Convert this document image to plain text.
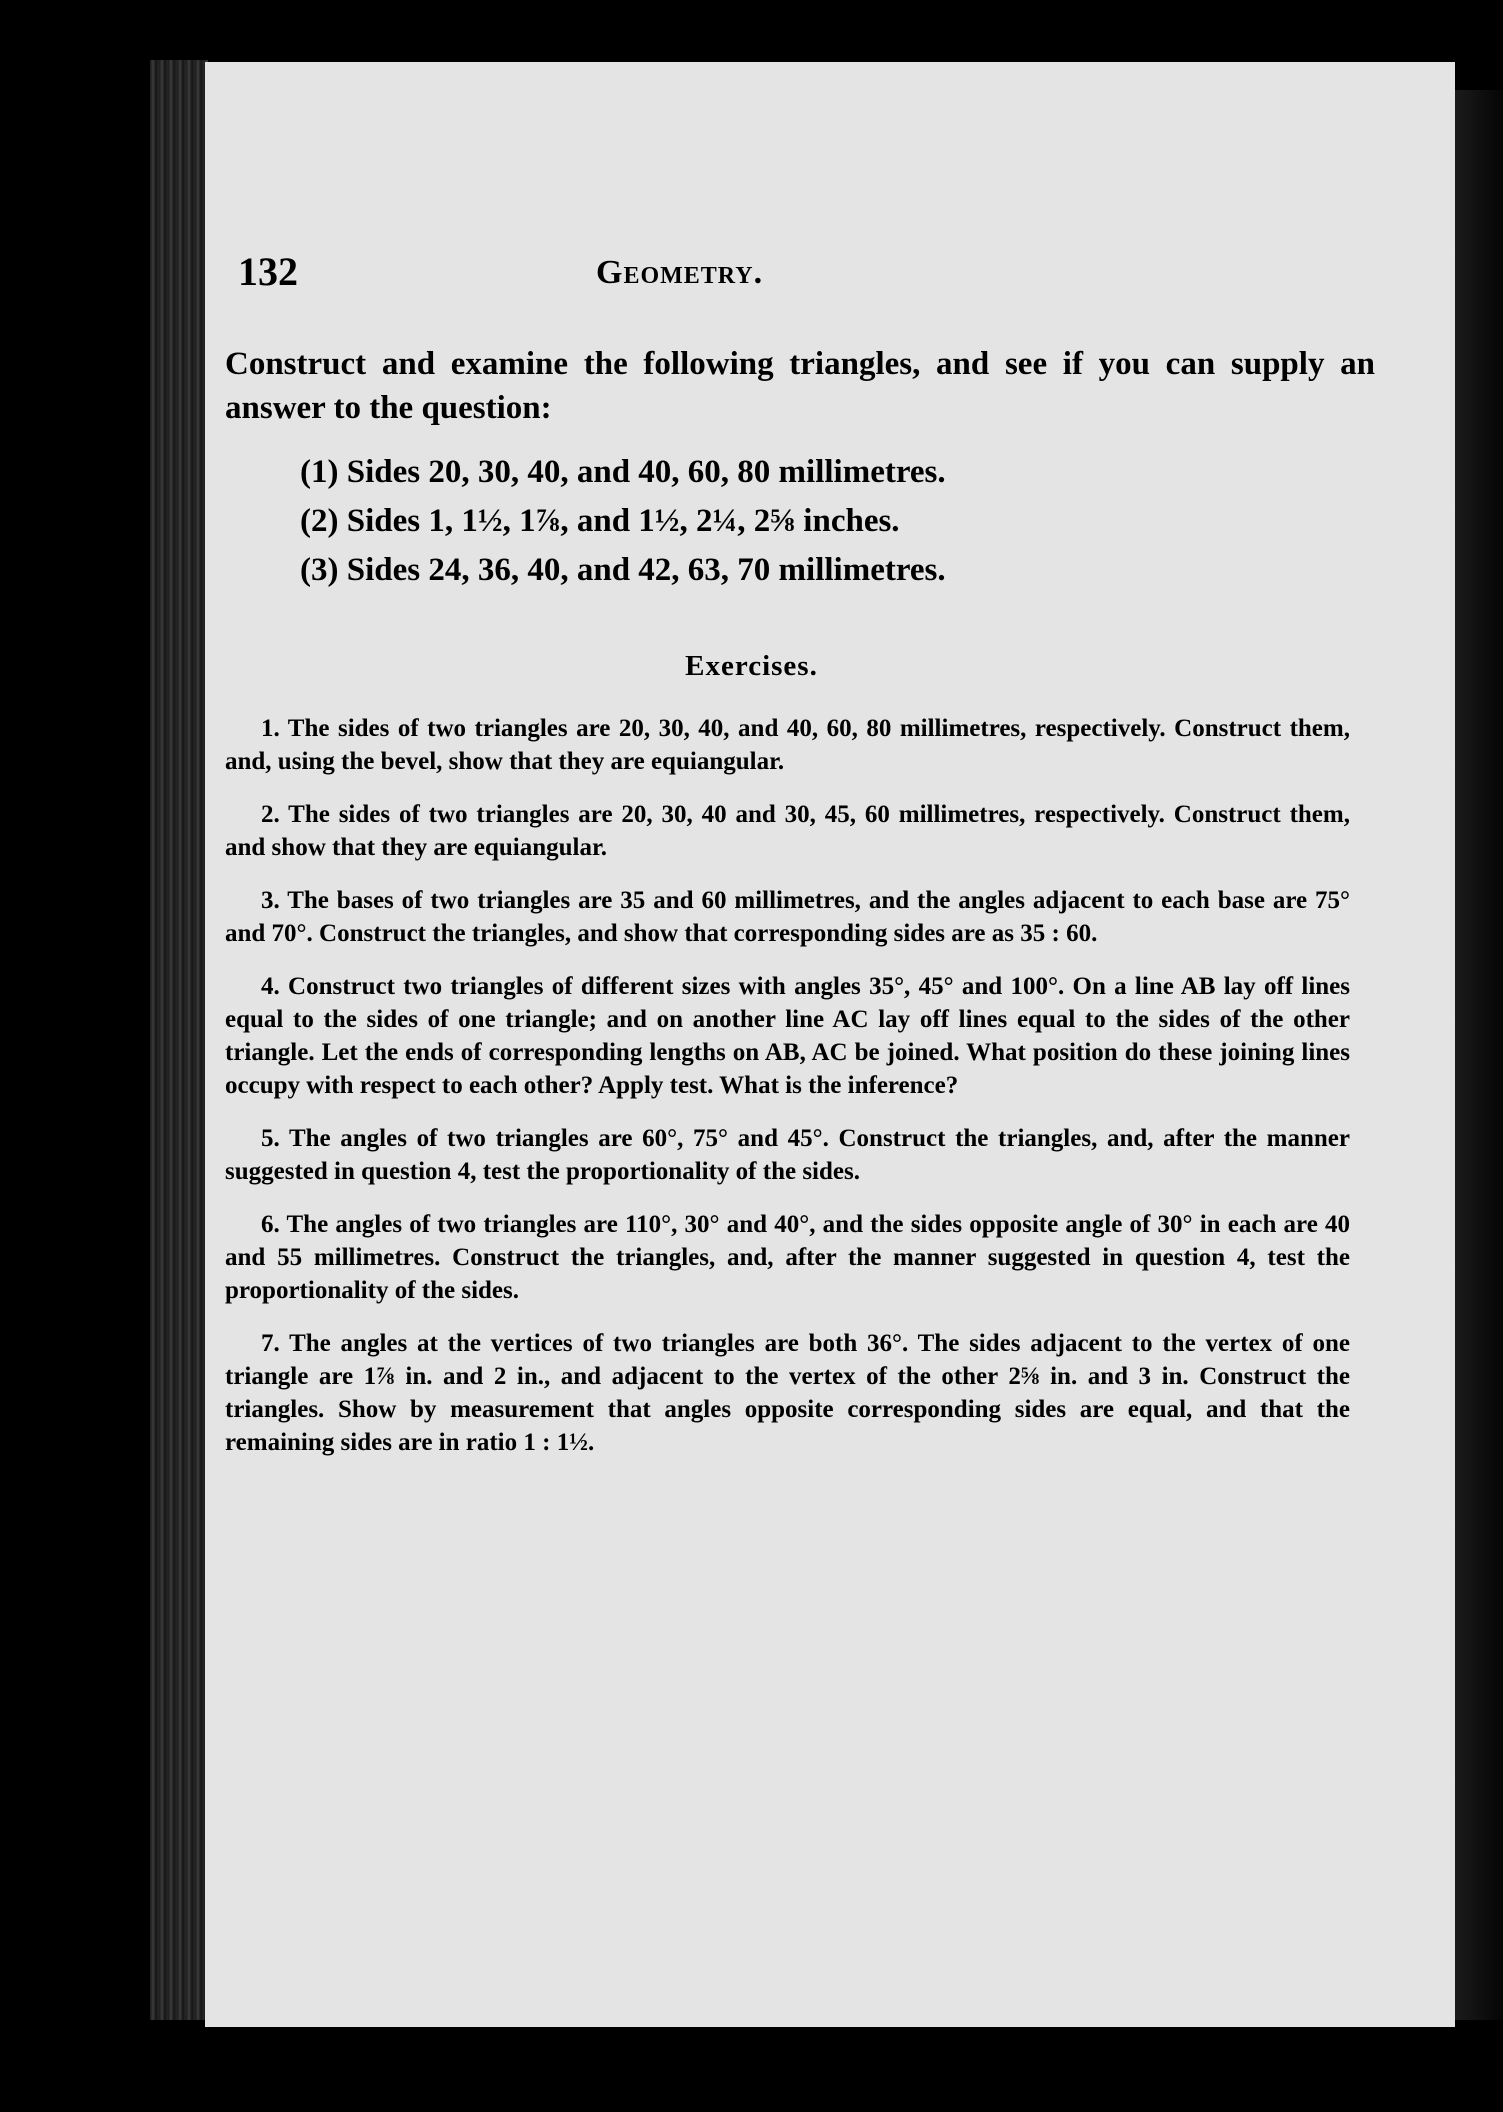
132	Geometry.
Construct and examine the following triangles, and see if you can supply an answer to the question:
(1) Sides 20, 30, 40, and 40, 60, 80 millimetres.
(2) Sides 1, 1½, 1⅞, and 1½, 2¼, 2⅝ inches.
(3) Sides 24, 36, 40, and 42, 63, 70 millimetres.
Exercises.

1. The sides of two triangles are 20, 30, 40, and 40, 60, 80 millimetres, respectively. Construct them, and, using the bevel, show that they are equiangular.

2. The sides of two triangles are 20, 30, 40 and 30, 45, 60 millimetres, respectively. Construct them, and show that they are equiangular.

3. The bases of two triangles are 35 and 60 millimetres, and the angles adjacent to each base are 75° and 70°. Construct the triangles, and show that corresponding sides are as 35 : 60.

4. Construct two triangles of different sizes with angles 35°, 45° and 100°. On a line AB lay off lines equal to the sides of one triangle; and on another line AC lay off lines equal to the sides of the other triangle. Let the ends of corresponding lengths on AB, AC be joined. What position do these joining lines occupy with respect to each other? Apply test. What is the inference?

5. The angles of two triangles are 60°, 75° and 45°. Construct the triangles, and, after the manner suggested in question 4, test the proportionality of the sides.

6. The angles of two triangles are 110°, 30° and 40°, and the sides opposite angle of 30° in each are 40 and 55 millimetres. Construct the triangles, and, after the manner suggested in question 4, test the proportionality of the sides.

7. The angles at the vertices of two triangles are both 36°. The sides adjacent to the vertex of one triangle are 1⅞ in. and 2 in., and adjacent to the vertex of the other 2⅝ in. and 3 in. Construct the triangles. Show by measurement that angles opposite corresponding sides are equal, and that the remaining sides are in ratio 1 : 1½.
